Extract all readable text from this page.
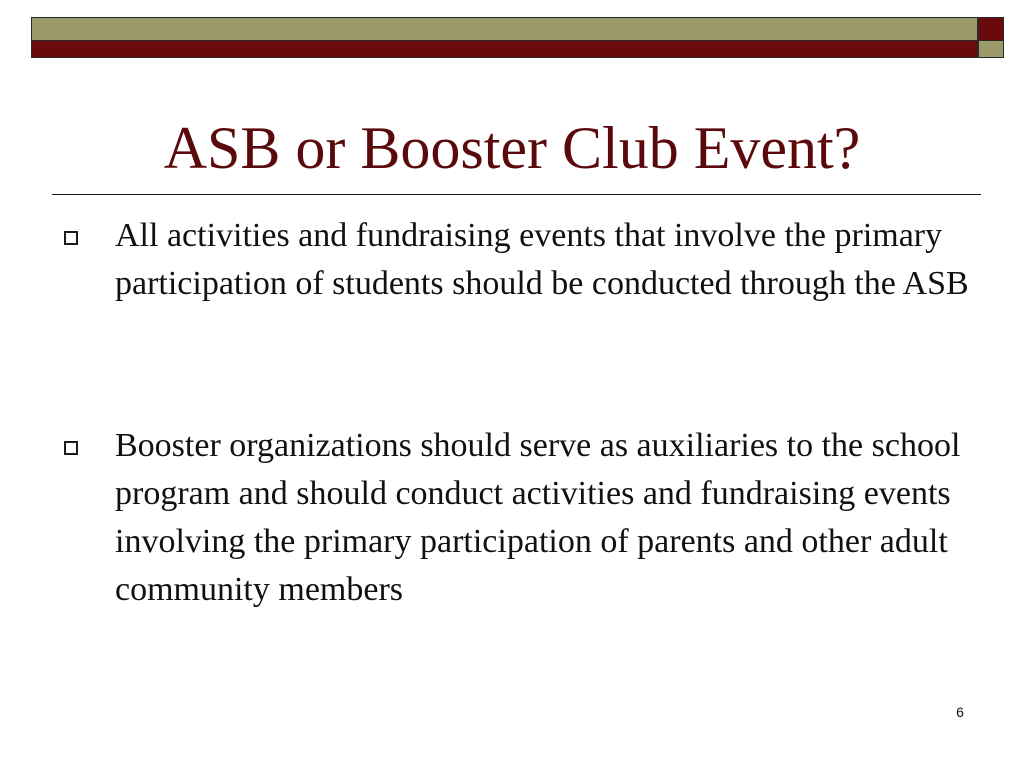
ASB or Booster Club Event?

All activities and fundraising events that involve the primary participation of students should be conducted through the ASB

Booster organizations should serve as auxiliaries to the school program and should conduct activities and fundraising events involving the primary participation of parents and other adult community members

6
